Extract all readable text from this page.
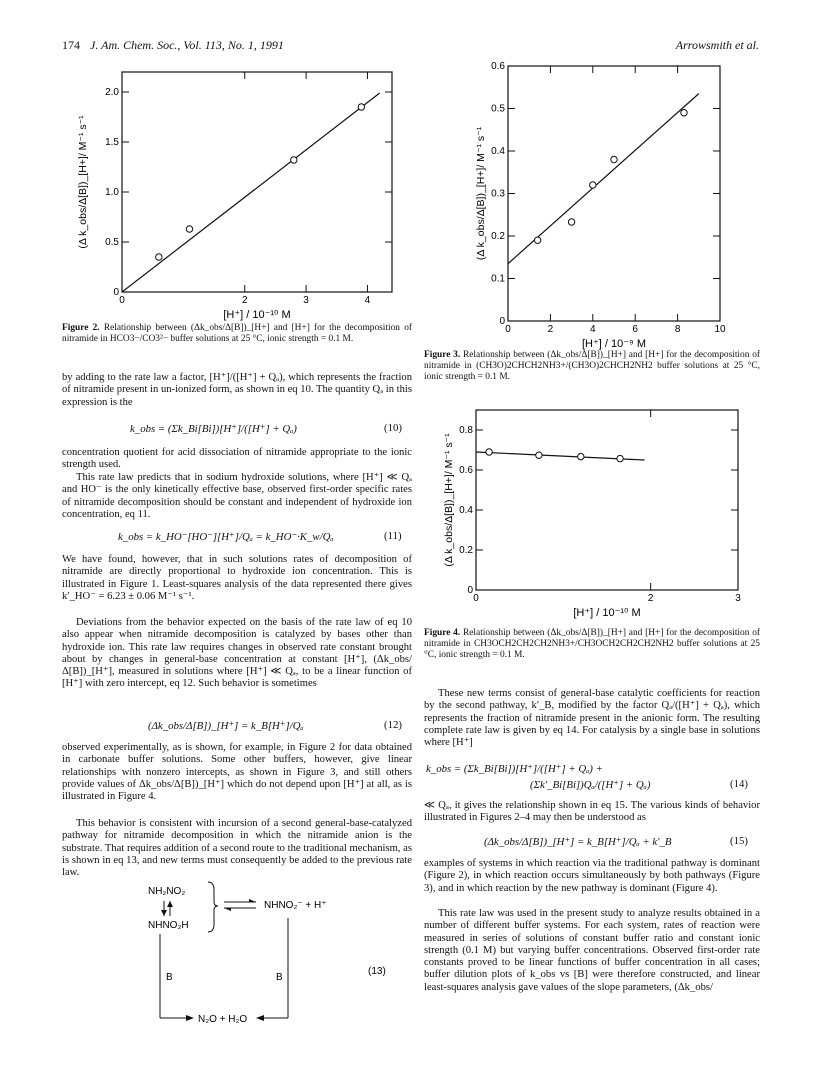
174 J. Am. Chem. Soc., Vol. 113, No. 1, 1991	Arrowsmith et al.
0	2	3	4
0
0.5
1.0
1.5
2.0
[H⁺] / 10⁻¹⁰ M
(Δ k_obs/Δ[B])_[H+]/ M⁻¹ s⁻¹
0	2	4	6	8	10
0
0.1
0.2
0.3
0.4
0.5
0.6
[H⁺] / 10⁻⁹ M
(Δ k_obs/Δ[B])_[H+]/ M⁻¹ s⁻¹
0	2	3
0
0.2
0.4
0.6
0.8
[H⁺] / 10⁻¹⁰ M
(Δ k_obs/Δ[B])_[H+]/ M⁻¹ s⁻¹
Figure 2. Relationship between (Δk_obs/Δ[B])_[H+] and [H+] for the decomposition of nitramide in HCO3−/CO3²− buffer solutions at 25 °C, ionic strength = 0.1 M.
Figure 3. Relationship between (Δk_obs/Δ[B])_[H+] and [H+] for the decomposition of nitramide in (CH3O)2CHCH2NH3+/(CH3O)2CHCH2NH2 buffer solutions at 25 °C, ionic strength = 0.1 M.
Figure 4. Relationship between (Δk_obs/Δ[B])_[H+] and [H+] for the decomposition of nitramide in CH3OCH2CH2CH2NH3+/CH3OCH2CH2CH2NH2 buffer solutions at 25 °C, ionic strength = 0.1 M.
by adding to the rate law a factor, [H⁺]/([H⁺] + Qₐ), which represents the fraction of nitramide present in un-ionized form, as shown in eq 10. The quantity Qₐ in this expression is the
k_obs = (Σk_Bi[Bi])[H⁺]/([H⁺] + Qₐ)	(10)
concentration quotient for acid dissociation of nitramide appropriate to the ionic strength used.
This rate law predicts that in sodium hydroxide solutions, where [H⁺] ≪ Qₐ and HO⁻ is the only kinetically effective base, observed first-order specific rates of nitramide decomposition should be constant and independent of hydroxide ion concentration, eq 11.
k_obs = k_HO⁻[HO⁻][H⁺]/Qₐ = k_HO⁻·K_w/Qₐ	(11)
We have found, however, that in such solutions rates of decomposition of nitramide are directly proportional to hydroxide ion concentration. This is illustrated in Figure 1. Least-squares analysis of the data represented there gives k′_HO⁻ = 6.23 ± 0.06 M⁻¹ s⁻¹.
Deviations from the behavior expected on the basis of the rate law of eq 10 also appear when nitramide decomposition is catalyzed by bases other than hydroxide ion. This rate law requires changes in observed rate constant brought about by changes in general-base concentration at constant [H⁺], (Δk_obs/Δ[B])_[H⁺], measured in solutions where [H⁺] ≪ Qₐ, to be a linear function of [H⁺] with zero intercept, eq 12. Such behavior is sometimes
(Δk_obs/Δ[B])_[H⁺] = k_B[H⁺]/Qₐ	(12)
observed experimentally, as is shown, for example, in Figure 2 for data obtained in carbonate buffer solutions. Some other buffers, however, give linear relationships with nonzero intercepts, as shown in Figure 3, and still others provide values of Δk_obs/Δ[B])_[H⁺] which do not depend upon [H⁺] at all, as is illustrated in Figure 4.
This behavior is consistent with incursion of a second general-base-catalyzed pathway for nitramide decomposition in which the nitramide anion is the substrate. That requires addition of a second route to the traditional mechanism, as is shown in eq 13, and new terms must consequently be added to the previous rate law.
NH₂NO₂
NHNO₂H
NHNO₂⁻ + H⁺
B	B
N₂O + H₂O
(13)
These new terms consist of general-base catalytic coefficients for reaction by the second pathway, k′_B, modified by the factor Qₐ/([H⁺] + Qₐ), which represents the fraction of nitramide present in the anionic form. The resulting complete rate law is given by eq 14. For catalysis by a single base in solutions where [H⁺]
k_obs = (Σk_Bi[Bi])[H⁺]/([H⁺] + Qₐ) +
(Σk′_Bi[Bi])Qₐ/([H⁺] + Qₐ)	(14)
≪ Qₐ, it gives the relationship shown in eq 15. The various kinds of behavior illustrated in Figures 2–4 may then be understood as
(Δk_obs/Δ[B])_[H⁺] = k_B[H⁺]/Qₐ + k′_B	(15)
examples of systems in which reaction via the traditional pathway is dominant (Figure 2), in which reaction occurs simultaneously by both pathways (Figure 3), and in which reaction by the new pathway is dominant (Figure 4).
This rate law was used in the present study to analyze results obtained in a number of different buffer systems. For each system, rates of reaction were measured in series of solutions of constant buffer ratio and constant ionic strength (0.1 M) but varying buffer concentrations. Observed first-order rate constants proved to be linear functions of buffer concentration in all cases; buffer dilution plots of k_obs vs [B] were therefore constructed, and linear least-squares analysis gave values of the slope parameters, (Δk_obs/
